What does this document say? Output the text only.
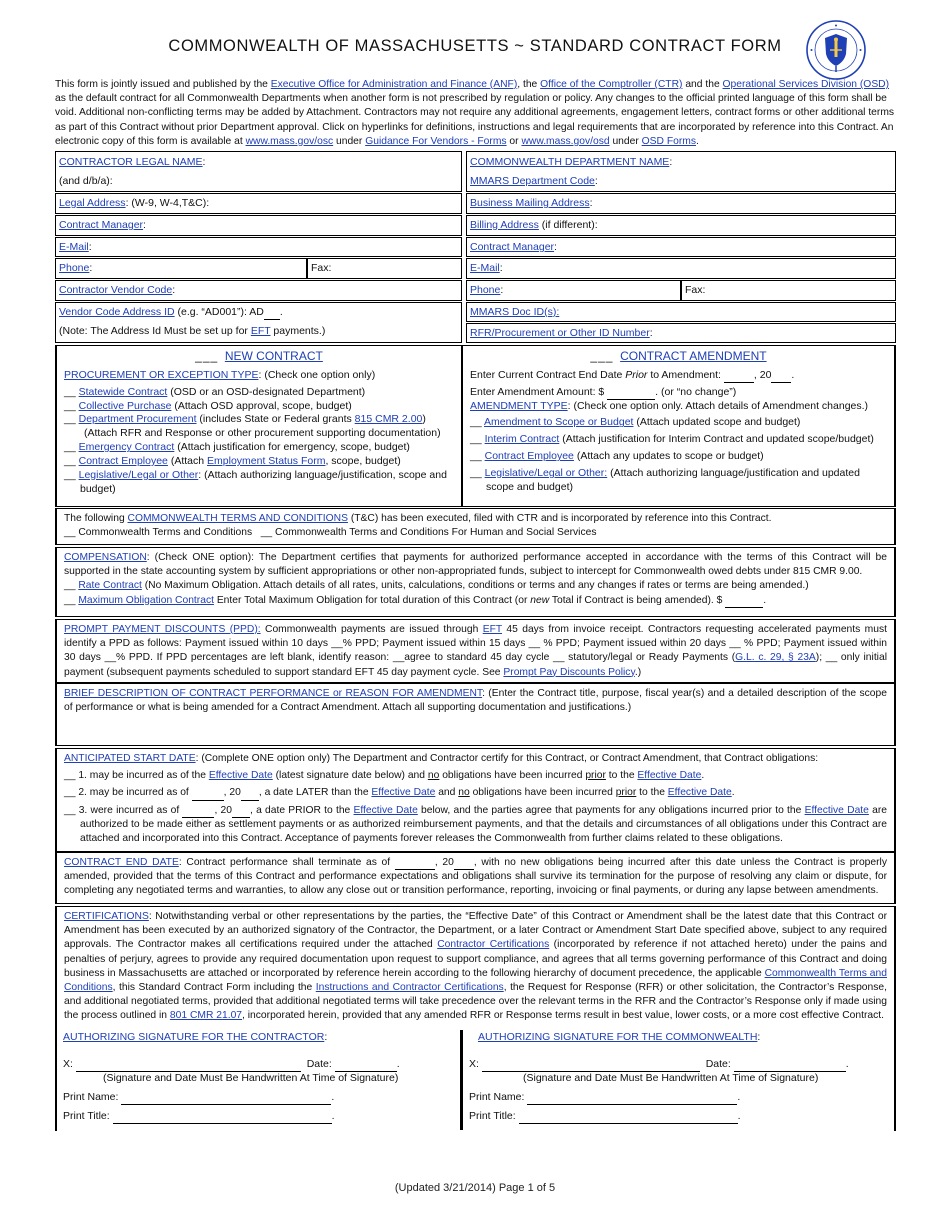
COMMONWEALTH OF MASSACHUSETTS ~ STANDARD CONTRACT FORM
This form is jointly issued and published by the Executive Office for Administration and Finance (ANF), the Office of the Comptroller (CTR) and the Operational Services Division (OSD) as the default contract for all Commonwealth Departments when another form is not prescribed by regulation or policy. Any changes to the official printed language of this form shall be void. Additional non-conflicting terms may be added by Attachment. Contractors may not require any additional agreements, engagement letters, contract forms or other additional terms as part of this Contract without prior Department approval. Click on hyperlinks for definitions, instructions and legal requirements that are incorporated by reference into this Contract. An electronic copy of this form is available at www.mass.gov/osc under Guidance For Vendors - Forms or www.mass.gov/osd under OSD Forms.
CONTRACTOR LEGAL NAME:
(and d/b/a):
COMMONWEALTH DEPARTMENT NAME:
MMARS Department Code:
Legal Address: (W-9, W-4,T&C):	Business Mailing Address:
Contract Manager:	Billing Address (if different):
E-Mail:	Contract Manager:
Phone:	Fax:	E-Mail:
Contractor Vendor Code:	Phone:	Fax:
Vendor Code Address ID (e.g. “AD001”): AD .
(Note: The Address Id Must be set up for EFT payments.)
MMARS Doc ID(s):
RFR/Procurement or Other ID Number:
___ NEW CONTRACT
PROCUREMENT OR EXCEPTION TYPE: (Check one option only)
__ Statewide Contract (OSD or an OSD-designated Department)
__ Collective Purchase (Attach OSD approval, scope, budget)
__ Department Procurement (includes State or Federal grants 815 CMR 2.00)
(Attach RFR and Response or other procurement supporting documentation)
__ Emergency Contract (Attach justification for emergency, scope, budget)
__ Contract Employee (Attach Employment Status Form, scope, budget)
__ Legislative/Legal or Other: (Attach authorizing language/justification, scope and budget)
___ CONTRACT AMENDMENT
Enter Current Contract End Date Prior to Amendment:	, 20 .
Enter Amendment Amount: $	. (or “no change”)
AMENDMENT TYPE: (Check one option only. Attach details of Amendment changes.)
__ Amendment to Scope or Budget (Attach updated scope and budget)
__ Interim Contract (Attach justification for Interim Contract and updated scope/budget)
__ Contract Employee (Attach any updates to scope or budget)
__ Legislative/Legal or Other: (Attach authorizing language/justification and updated scope and budget)
The following COMMONWEALTH TERMS AND CONDITIONS (T&C) has been executed, filed with CTR and is incorporated by reference into this Contract.
__ Commonwealth Terms and Conditions   __ Commonwealth Terms and Conditions For Human and Social Services
COMPENSATION: (Check ONE option): The Department certifies that payments for authorized performance accepted in accordance with the terms of this Contract will be supported in the state accounting system by sufficient appropriations or other non-appropriated funds, subject to intercept for Commonwealth owed debts under 815 CMR 9.00.
__ Rate Contract (No Maximum Obligation. Attach details of all rates, units, calculations, conditions or terms and any changes if rates or terms are being amended.)
__ Maximum Obligation Contract Enter Total Maximum Obligation for total duration of this Contract (or new Total if Contract is being amended). $	.
PROMPT PAYMENT DISCOUNTS (PPD): Commonwealth payments are issued through EFT 45 days from invoice receipt. Contractors requesting accelerated payments must identify a PPD as follows: Payment issued within 10 days __% PPD; Payment issued within 15 days __ % PPD; Payment issued within 20 days __ % PPD; Payment issued within 30 days __% PPD. If PPD percentages are left blank, identify reason: __agree to standard 45 day cycle __ statutory/legal or Ready Payments (G.L. c. 29, § 23A); __ only initial payment (subsequent payments scheduled to support standard EFT 45 day payment cycle. See Prompt Pay Discounts Policy.)
BRIEF DESCRIPTION OF CONTRACT PERFORMANCE or REASON FOR AMENDMENT: (Enter the Contract title, purpose, fiscal year(s) and a detailed description of the scope of performance or what is being amended for a Contract Amendment. Attach all supporting documentation and justifications.)
ANTICIPATED START DATE: (Complete ONE option only) The Department and Contractor certify for this Contract, or Contract Amendment, that Contract obligations:
__ 1. may be incurred as of the Effective Date (latest signature date below) and no obligations have been incurred prior to the Effective Date.
__ 2. may be incurred as of	, 20 , a date LATER than the Effective Date and no obligations have been incurred prior to the Effective Date.
__ 3. were incurred as of	, 20 , a date PRIOR to the Effective Date below, and the parties agree that payments for any obligations incurred prior to the Effective Date are authorized to be made either as settlement payments or as authorized reimbursement payments, and that the details and circumstances of all obligations under this Contract are attached and incorporated into this Contract. Acceptance of payments forever releases the Commonwealth from further claims related to these obligations.
CONTRACT END DATE: Contract performance shall terminate as of	, 20 , with no new obligations being incurred after this date unless the Contract is properly amended, provided that the terms of this Contract and performance expectations and obligations shall survive its termination for the purpose of resolving any claim or dispute, for completing any negotiated terms and warranties, to allow any close out or transition performance, reporting, invoicing or final payments, or during any lapse between amendments.
CERTIFICATIONS: Notwithstanding verbal or other representations by the parties, the “Effective Date” of this Contract or Amendment shall be the latest date that this Contract or Amendment has been executed by an authorized signatory of the Contractor, the Department, or a later Contract or Amendment Start Date specified above, subject to any required approvals. The Contractor makes all certifications required under the attached Contractor Certifications (incorporated by reference if not attached hereto) under the pains and penalties of perjury, agrees to provide any required documentation upon request to support compliance, and agrees that all terms governing performance of this Contract and doing business in Massachusetts are attached or incorporated by reference herein according to the following hierarchy of document precedence, the applicable Commonwealth Terms and Conditions, this Standard Contract Form including the Instructions and Contractor Certifications, the Request for Response (RFR) or other solicitation, the Contractor’s Response, and additional negotiated terms, provided that additional negotiated terms will take precedence over the relevant terms in the RFR and the Contractor’s Response only if made using the process outlined in 801 CMR 21.07, incorporated herein, provided that any amended RFR or Response terms result in best value, lower costs, or a more cost effective Contract.
AUTHORIZING SIGNATURE FOR THE CONTRACTOR:
X:	Date:	.
(Signature and Date Must Be Handwritten At Time of Signature)
Print Name:	.
Print Title:	.
AUTHORIZING SIGNATURE FOR THE COMMONWEALTH:
X:	Date:	.
(Signature and Date Must Be Handwritten At Time of Signature)
Print Name:	.
Print Title:	.
(Updated 3/21/2014) Page 1 of 5
